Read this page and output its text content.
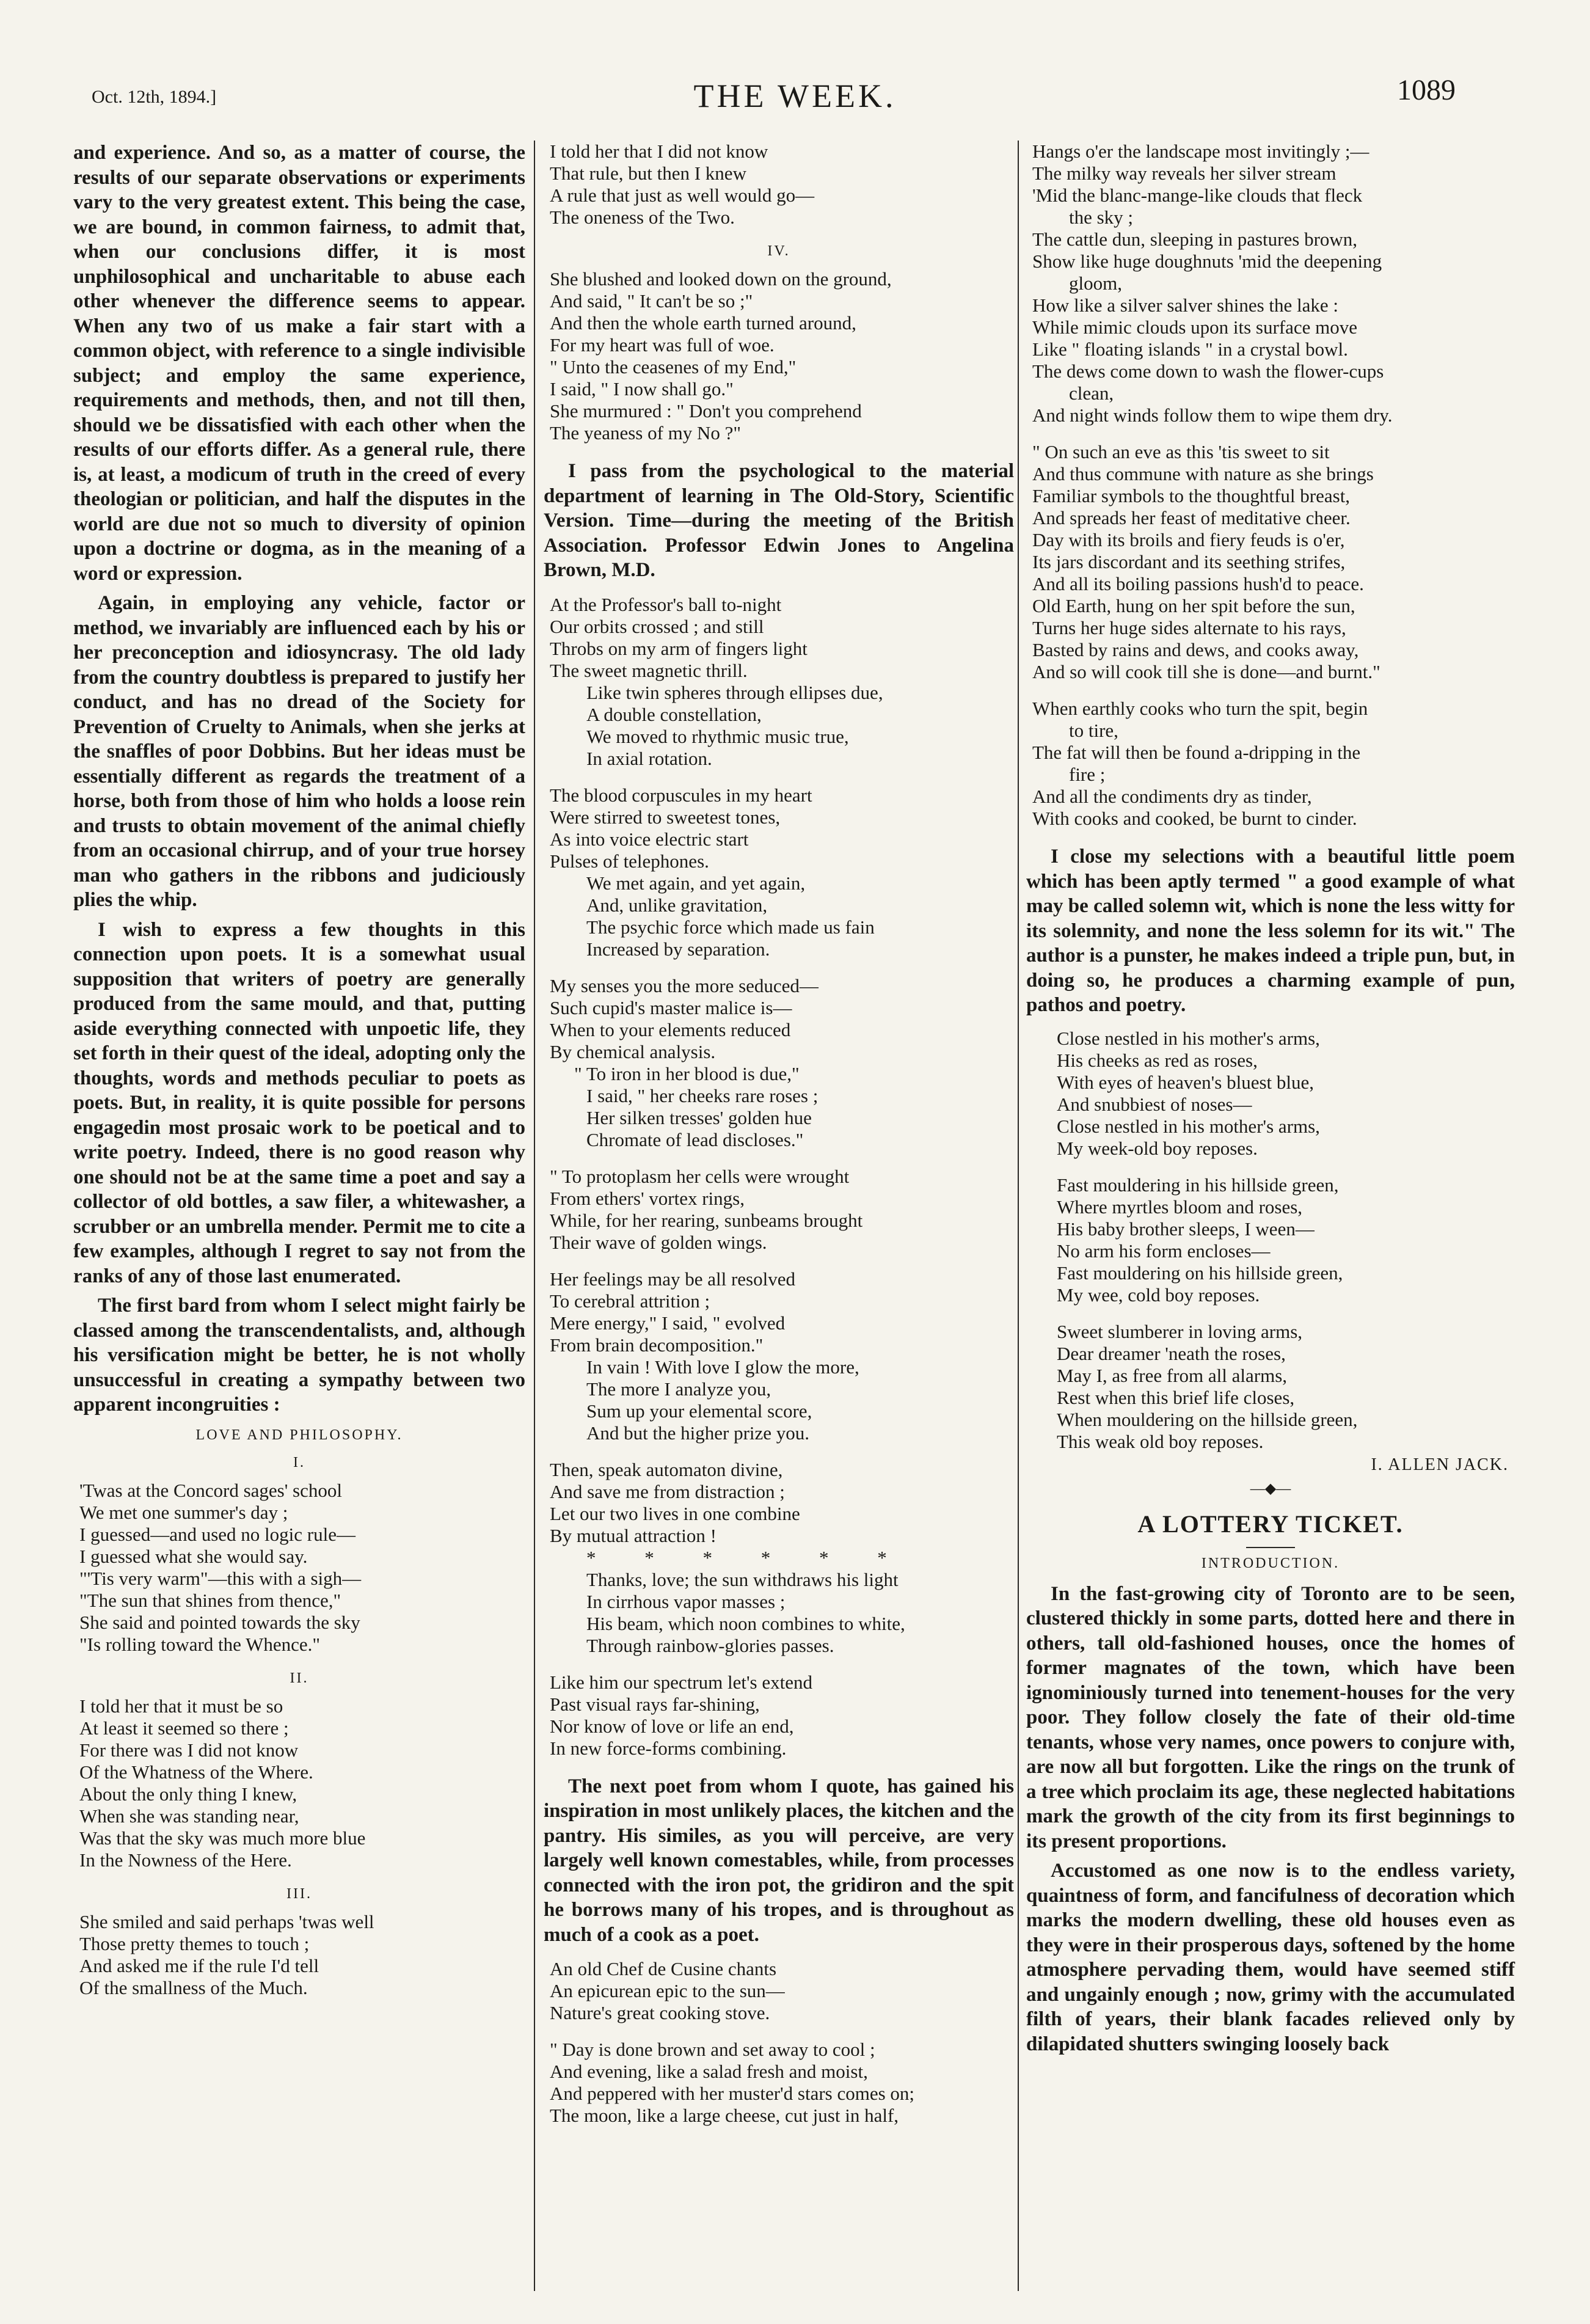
Oct. 12th, 1894.]	THE WEEK.	1089

and experience. And so, as a matter of course, the results of our separate observations or experiments vary to the very greatest extent. This being the case, we are bound, in common fairness, to admit that, when our conclusions differ, it is most unphilosophical and uncharitable to abuse each other whenever the difference seems to appear. When any two of us make a fair start with a common object, with reference to a single indivisible subject; and employ the same experience, requirements and methods, then, and not till then, should we be dissatisfied with each other when the results of our efforts differ. As a general rule, there is, at least, a modicum of truth in the creed of every theologian or politician, and half the disputes in the world are due not so much to diversity of opinion upon a doctrine or dogma, as in the meaning of a word or expression.

Again, in employing any vehicle, factor or method, we invariably are influenced each by his or her preconception and idiosyncrasy. The old lady from the country doubtless is prepared to justify her conduct, and has no dread of the Society for Prevention of Cruelty to Animals, when she jerks at the snaffles of poor Dobbins. But her ideas must be essentially different as regards the treatment of a horse, both from those of him who holds a loose rein and trusts to obtain movement of the animal chiefly from an occasional chirrup, and of your true horsey man who gathers in the ribbons and judiciously plies the whip.

I wish to express a few thoughts in this connection upon poets. It is a somewhat usual supposition that writers of poetry are generally produced from the same mould, and that, putting aside everything connected with unpoetic life, they set forth in their quest of the ideal, adopting only the thoughts, words and methods peculiar to poets as poets. But, in reality, it is quite possible for persons engagedin most prosaic work to be poetical and to write poetry. Indeed, there is no good reason why one should not be at the same time a poet and say a collector of old bottles, a saw filer, a whitewasher, a scrubber or an umbrella mender. Permit me to cite a few examples, although I regret to say not from the ranks of any of those last enumerated.

The first bard from whom I select might fairly be classed among the transcendentalists, and, although his versification might be better, he is not wholly unsuccessful in creating a sympathy between two apparent incongruities :

LOVE AND PHILOSOPHY.
I.
'Twas at the Concord sages' school
We met one summer's day ;
I guessed—and used no logic rule—
I guessed what she would say.
"'Tis very warm"—this with a sigh—
"The sun that shines from thence,"
She said and pointed towards the sky
"Is rolling toward the Whence."
II.
I told her that it must be so
At least it seemed so there ;
For there was I did not know
Of the Whatness of the Where.
About the only thing I knew,
When she was standing near,
Was that the sky was much more blue
In the Nowness of the Here.
III.
She smiled and said perhaps 'twas well
Those pretty themes to touch ;
And asked me if the rule I'd tell
Of the smallness of the Much.
I told her that I did not know
That rule, but then I knew
A rule that just as well would go—
The oneness of the Two.
IV.
She blushed and looked down on the ground,
And said, " It can't be so ;"
And then the whole earth turned around,
For my heart was full of woe.
" Unto the ceasenes of my End,"
I said, " I now shall go."
She murmured : " Don't you comprehend
The yeaness of my No ?"

I pass from the psychological to the material department of learning in The Old-Story, Scientific Version. Time—during the meeting of the British Association. Professor Edwin Jones to Angelina Brown, M.D.

At the Professor's ball to-night
Our orbits crossed ; and still
Throbs on my arm of fingers light
The sweet magnetic thrill.
Like twin spheres through ellipses due,
A double constellation,
We moved to rhythmic music true,
In axial rotation.
The blood corpuscules in my heart
Were stirred to sweetest tones,
As into voice electric start
Pulses of telephones.
We met again, and yet again,
And, unlike gravitation,
The psychic force which made us fain
Increased by separation.
My senses you the more seduced—
Such cupid's master malice is—
When to your elements reduced
By chemical analysis.
" To iron in her blood is due,"
I said, " her cheeks rare roses ;
Her silken tresses' golden hue
Chromate of lead discloses."
" To protoplasm her cells were wrought
From ethers' vortex rings,
While, for her rearing, sunbeams brought
Their wave of golden wings.
Her feelings may be all resolved
To cerebral attrition ;
Mere energy," I said, " evolved
From brain decomposition."
In vain ! With love I glow the more,
The more I analyze you,
Sum up your elemental score,
And but the higher prize you.
Then, speak automaton divine,
And save me from distraction ;
Let our two lives in one combine
By mutual attraction !
* * * * * *
Thanks, love; the sun withdraws his light
In cirrhous vapor masses ;
His beam, which noon combines to white,
Through rainbow-glories passes.
Like him our spectrum let's extend
Past visual rays far-shining,
Nor know of love or life an end,
In new force-forms combining.

The next poet from whom I quote, has gained his inspiration in most unlikely places, the kitchen and the pantry. His similes, as you will perceive, are very largely well known comestables, while, from processes connected with the iron pot, the gridiron and the spit he borrows many of his tropes, and is throughout as much of a cook as a poet.

An old Chef de Cusine chants
An epicurean epic to the sun—
Nature's great cooking stove.
" Day is done brown and set away to cool ;
And evening, like a salad fresh and moist,
And peppered with her muster'd stars comes on;
The moon, like a large cheese, cut just in half,
Hangs o'er the landscape most invitingly ;—
The milky way reveals her silver stream
'Mid the blanc-mange-like clouds that fleck
the sky ;
The cattle dun, sleeping in pastures brown,
Show like huge doughnuts 'mid the deepening
gloom,
How like a silver salver shines the lake :
While mimic clouds upon its surface move
Like " floating islands " in a crystal bowl.
The dews come down to wash the flower-cups
clean,
And night winds follow them to wipe them dry.
" On such an eve as this 'tis sweet to sit
And thus commune with nature as she brings
Familiar symbols to the thoughtful breast,
And spreads her feast of meditative cheer.
Day with its broils and fiery feuds is o'er,
Its jars discordant and its seething strifes,
And all its boiling passions hush'd to peace.
Old Earth, hung on her spit before the sun,
Turns her huge sides alternate to his rays,
Basted by rains and dews, and cooks away,
And so will cook till she is done—and burnt."
When earthly cooks who turn the spit, begin
to tire,
The fat will then be found a-dripping in the
fire ;
And all the condiments dry as tinder,
With cooks and cooked, be burnt to cinder.

I close my selections with a beautiful little poem which has been aptly termed " a good example of what may be called solemn wit, which is none the less witty for its solemnity, and none the less solemn for its wit." The author is a punster, he makes indeed a triple pun, but, in doing so, he produces a charming example of pun, pathos and poetry.

Close nestled in his mother's arms,
His cheeks as red as roses,
With eyes of heaven's bluest blue,
And snubbiest of noses—
Close nestled in his mother's arms,
My week-old boy reposes.
Fast mouldering in his hillside green,
Where myrtles bloom and roses,
His baby brother sleeps, I ween—
No arm his form encloses—
Fast mouldering on his hillside green,
My wee, cold boy reposes.
Sweet slumberer in loving arms,
Dear dreamer 'neath the roses,
May I, as free from all alarms,
Rest when this brief life closes,
When mouldering on the hillside green,
This weak old boy reposes.
I. ALLEN JACK.
—◆—
A LOTTERY TICKET.
INTRODUCTION.

In the fast-growing city of Toronto are to be seen, clustered thickly in some parts, dotted here and there in others, tall old-fashioned houses, once the homes of former magnates of the town, which have been ignominiously turned into tenement-houses for the very poor. They follow closely the fate of their old-time tenants, whose very names, once powers to conjure with, are now all but forgotten. Like the rings on the trunk of a tree which proclaim its age, these neglected habitations mark the growth of the city from its first beginnings to its present proportions.

Accustomed as one now is to the endless variety, quaintness of form, and fancifulness of decoration which marks the modern dwelling, these old houses even as they were in their prosperous days, softened by the home atmosphere pervading them, would have seemed stiff and ungainly enough ; now, grimy with the accumulated filth of years, their blank facades relieved only by dilapidated shutters swinging loosely back
